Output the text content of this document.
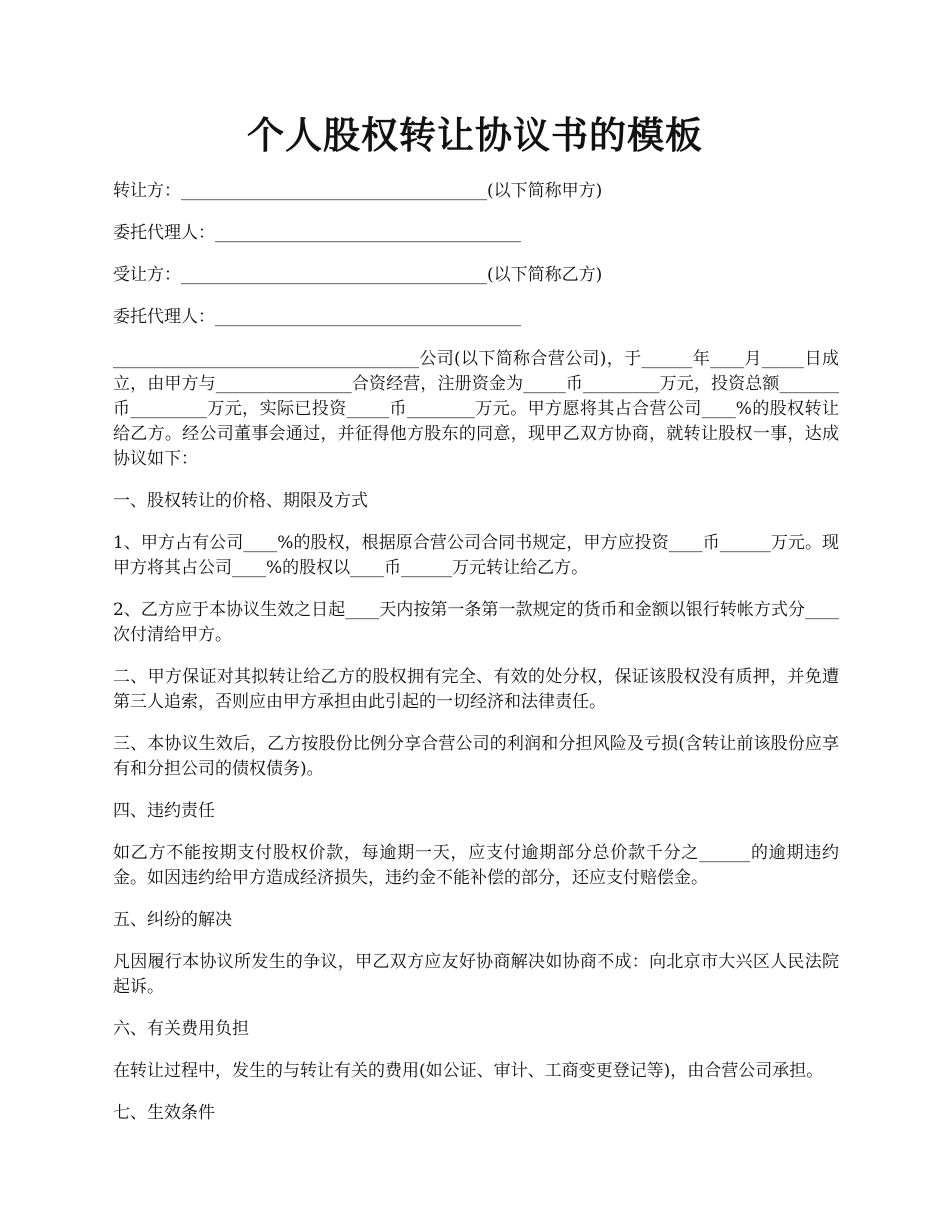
个人股权转让协议书的模板

转让方：____________________________________(以下简称甲方)

委托代理人：____________________________________

受让方：____________________________________(以下简称乙方)

委托代理人：____________________________________

____________________________________公司(以下简称合营公司)，于______年____月_____日成立，由甲方与________________合资经营，注册资金为_____币_________万元，投资总额_______币_________万元，实际已投资_____币________万元。甲方愿将其占合营公司____%的股权转让给乙方。经公司董事会通过，并征得他方股东的同意，现甲乙双方协商，就转让股权一事，达成协议如下：

一、股权转让的价格、期限及方式

1、甲方占有公司____%的股权，根据原合营公司合同书规定，甲方应投资____币______万元。现甲方将其占公司____%的股权以____币______万元转让给乙方。

2、乙方应于本协议生效之日起____天内按第一条第一款规定的货币和金额以银行转帐方式分____次付清给甲方。

二、甲方保证对其拟转让给乙方的股权拥有完全、有效的处分权，保证该股权没有质押，并免遭第三人追索，否则应由甲方承担由此引起的一切经济和法律责任。

三、本协议生效后，乙方按股份比例分享合营公司的利润和分担风险及亏损(含转让前该股份应享有和分担公司的债权债务)。

四、违约责任

如乙方不能按期支付股权价款，每逾期一天，应支付逾期部分总价款千分之______的逾期违约金。如因违约给甲方造成经济损失，违约金不能补偿的部分，还应支付赔偿金。

五、纠纷的解决

凡因履行本协议所发生的争议，甲乙双方应友好协商解决如协商不成：向北京市大兴区人民法院起诉。

六、有关费用负担

在转让过程中，发生的与转让有关的费用(如公证、审计、工商变更登记等)，由合营公司承担。

七、生效条件
